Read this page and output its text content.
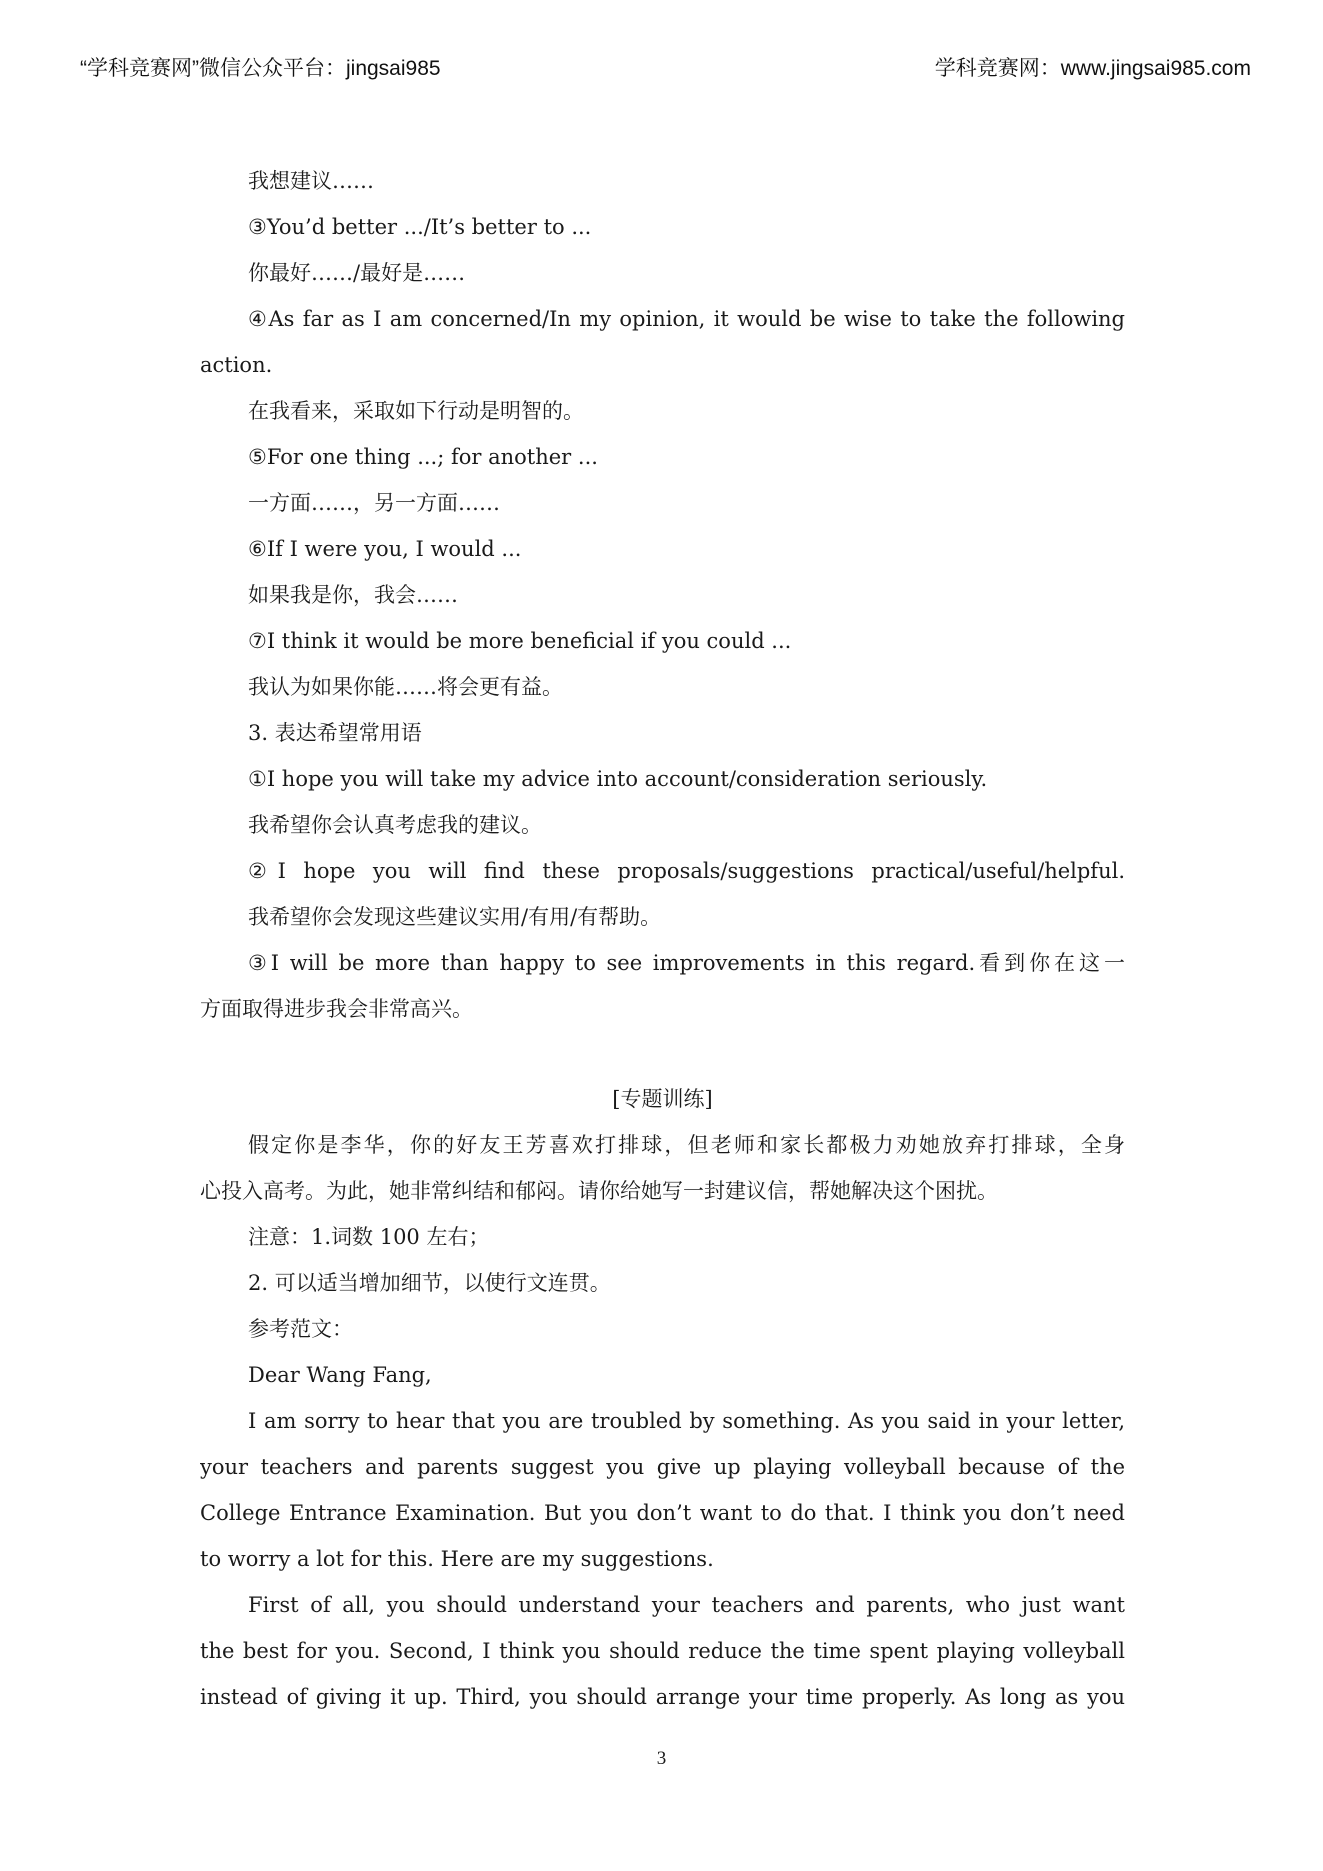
“学科竞赛网”微信公众平台：jingsai985	学科竞赛网：www.jingsai985.com
我想建议……
③You’d better .../It’s better to ...
你最好……/最好是……
④As far as I am concerned/In my opinion, it would be wise to take the following
action.
在我看来，采取如下行动是明智的。
⑤For one thing ...; for another ...
一方面……，另一方面……
⑥If I were you, I would ...
如果我是你，我会……
⑦I think it would be more beneficial if you could ...
我认为如果你能……将会更有益。
3. 表达希望常用语
①I hope you will take my advice into account/consideration seriously.
我希望你会认真考虑我的建议。
②I hope you will find these proposals/suggestions practical/useful/helpful.
我希望你会发现这些建议实用/有用/有帮助。
③I will be more than happy to see improvements in this regard.看到你在这一
方面取得进步我会非常高兴。
[专题训练]
假定你是李华，你的好友王芳喜欢打排球，但老师和家长都极力劝她放弃打排球，全身
心投入高考。为此，她非常纠结和郁闷。请你给她写一封建议信，帮她解决这个困扰。
注意：1.词数 100 左右；
2. 可以适当增加细节，以使行文连贯。
参考范文：
Dear Wang Fang,
I am sorry to hear that you are troubled by something. As you said in your letter,
your teachers and parents suggest you give up playing volleyball because of the
College Entrance Examination. But you don’t want to do that. I think you don’t need
to worry a lot for this. Here are my suggestions.
First of all, you should understand your teachers and parents, who just want
the best for you. Second, I think you should reduce the time spent playing volleyball
instead of giving it up. Third, you should arrange your time properly. As long as you
3
